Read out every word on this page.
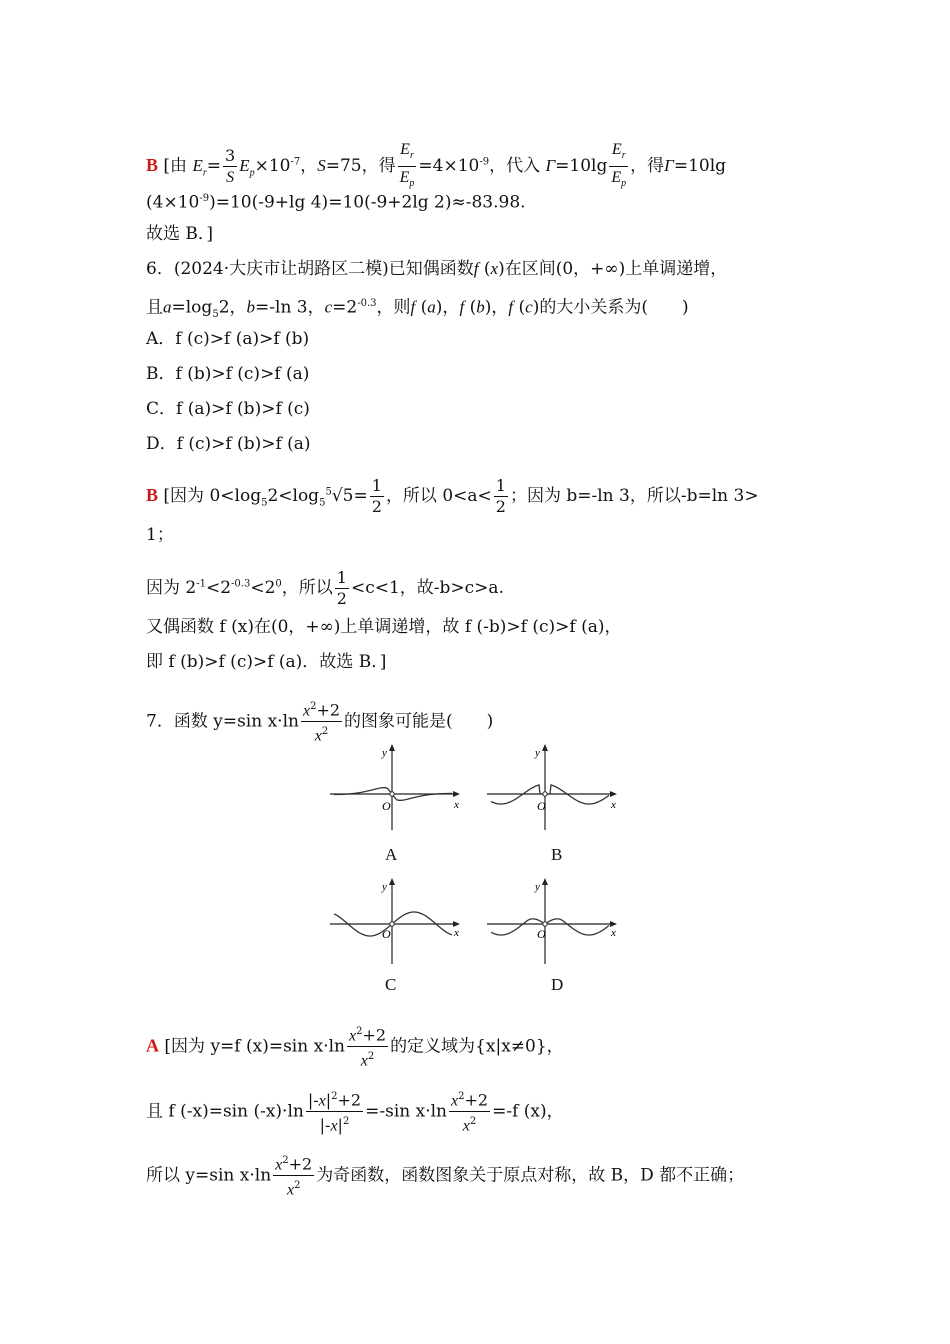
B [由 $E_r= \frac{3}{S} E_p\times 10^{-7}$，S=75，得 $\frac{E_r}{E_p} =4\times 10^{-9}$，代入 $\Gamma=10\lg \frac{E_r}{E_p}$ ，得Γ=10lg
$(4\times 10^{-9})=10(-9+\lg$ 4)=10(-9+2lg 2)≈-83.98.
故选 B．]
6．(2024·大庆市让胡路区二模)已知偶函数f (x)在区间(0，+∞)上单调递增，
且$a=\log_52$，b=-ln 3，$c=2^{-0.3}$，则f (a)，f (b)，f (c)的大小关系为(　　)
A．f (c)>f (a)>f (b)
B．f (b)>f (c)>f (a)
C．f (a)>f (b)>f (c)
D．f (c)>f (b)>f (a)
B [因为 $0<\log_52<\log_5^5√5= \frac{1}{2}$ ，所以 $0<a< \frac{1}{2}$ ；因为 b=-ln 3，所以-b=ln 3>
1；
因为 $2^{-1}<2^{-0.3}<2^0$，所以 $\frac{1}{2} <c<1$，故-b>c>a.
又偶函数 f (x)在(0，+∞)上单调递增，故 f (-b)>f (c)>f (a)，
即 f (b)>f (c)>f (a)．故选 B．]
7．函数 y=sin $x\cdot\ln \frac{x^2+2}{x^2}$ 的图象可能是(　　)
y
x
O
y
x
O
A	B
y
x
O
y
x
O
C	D
A [因为 y=f (x)=sin $x\cdot\ln \frac{x^2+2}{x^2}$ 的定义域为{x|x≠0}，
且 f (-x)=sin $(-x)\cdot\ln \frac{|-x|^2+2}{|-x|^2} =-\sin$ $x\cdot\ln \frac{x^2+2}{x^2} =-f$ (x)，
所以 y=sin $x\cdot\ln \frac{x^2+2}{x^2}$ 为奇函数，函数图象关于原点对称，故 B，D 都不正确；
